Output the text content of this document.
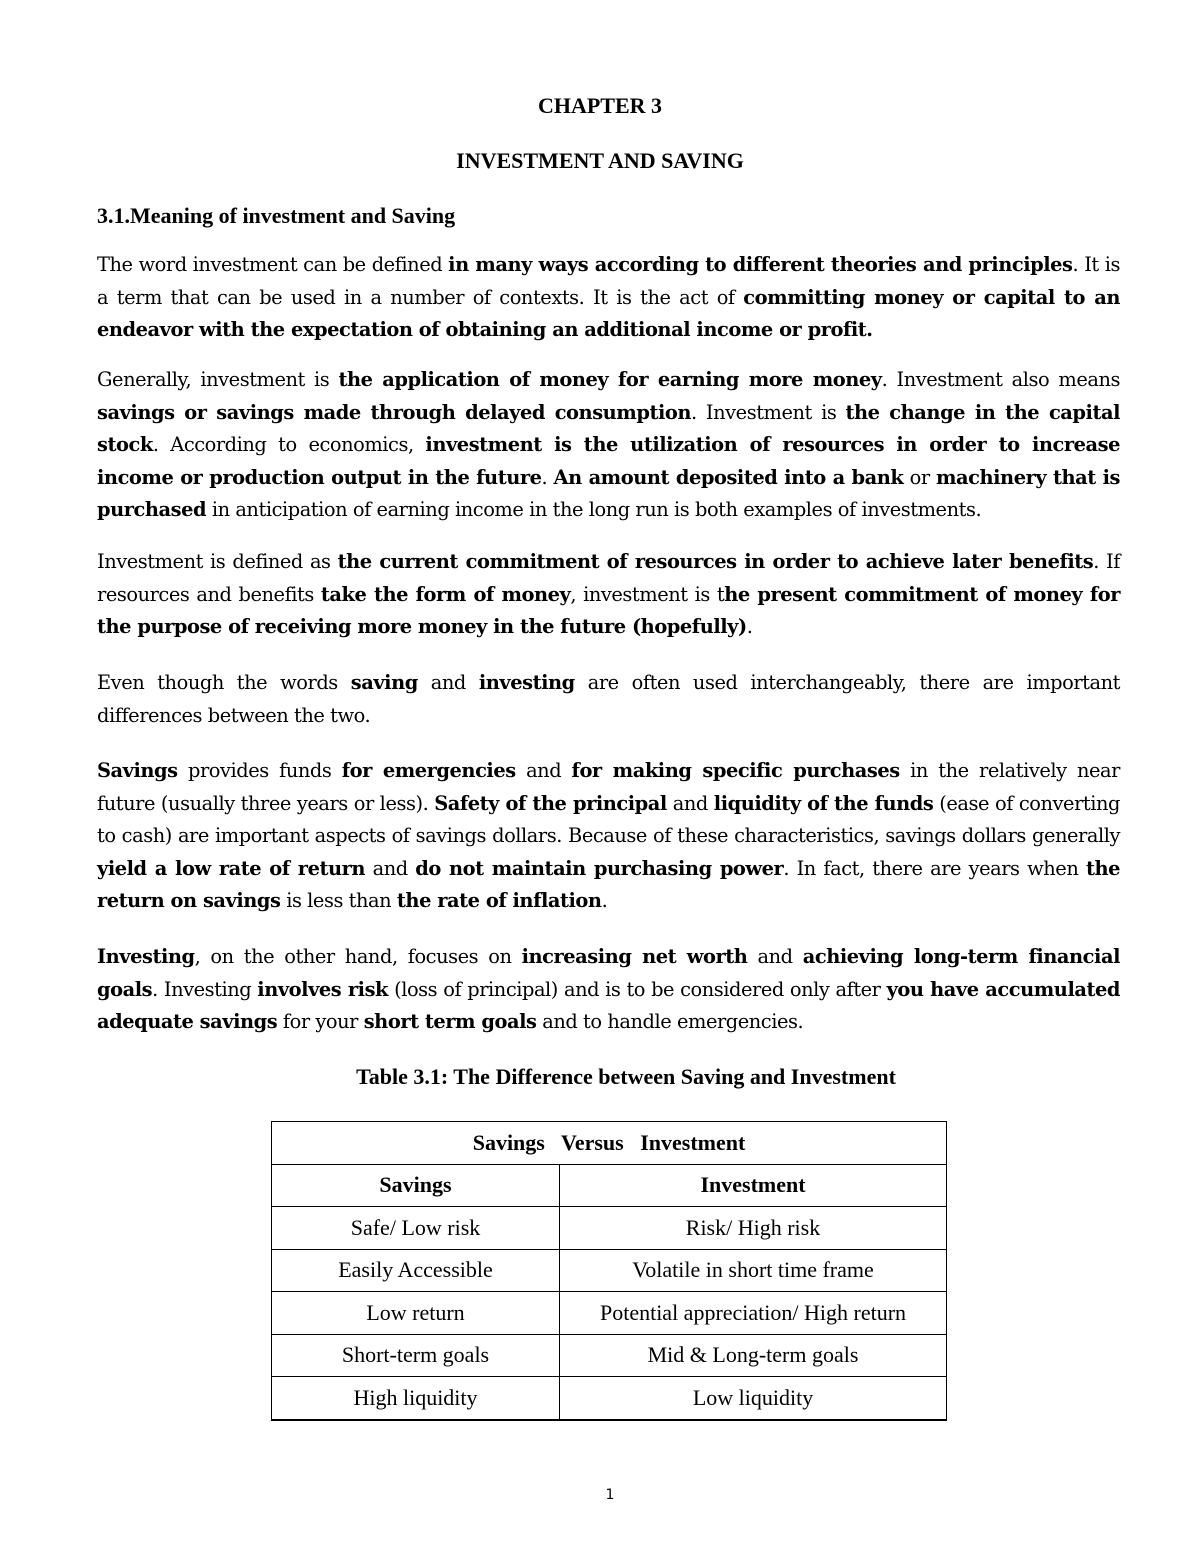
CHAPTER 3
INVESTMENT AND SAVING
3.1.Meaning of investment and Saving

The word investment can be defined in many ways according to different theories and principles. It is a term that can be used in a number of contexts. It is the act of committing money or capital to an endeavor with the expectation of obtaining an additional income or profit.

Generally, investment is the application of money for earning more money. Investment also means savings or savings made through delayed consumption. Investment is the change in the capital stock. According to economics, investment is the utilization of resources in order to increase income or production output in the future. An amount deposited into a bank or machinery that is purchased in anticipation of earning income in the long run is both examples of investments.

Investment is defined as the current commitment of resources in order to achieve later benefits. If resources and benefits take the form of money, investment is the present commitment of money for the purpose of receiving more money in the future (hopefully).

Even though the words saving and investing are often used interchangeably, there are important differences between the two.

Savings provides funds for emergencies and for making specific purchases in the relatively near future (usually three years or less). Safety of the principal and liquidity of the funds (ease of converting to cash) are important aspects of savings dollars. Because of these characteristics, savings dollars generally yield a low rate of return and do not maintain purchasing power. In fact, there are years when the return on savings is less than the rate of inflation.

Investing, on the other hand, focuses on increasing net worth and achieving long-term financial goals. Investing involves risk (loss of principal) and is to be considered only after you have accumulated adequate savings for your short term goals and to handle emergencies.

Table 3.1: The Difference between Saving and Investment
Savings   Versus   Investment	
Savings	Investment
Safe/ Low risk	Risk/ High risk
Easily Accessible	Volatile in short time frame
Low return	Potential appreciation/ High return
Short-term goals	Mid & Long-term goals
High liquidity	Low liquidity
1
